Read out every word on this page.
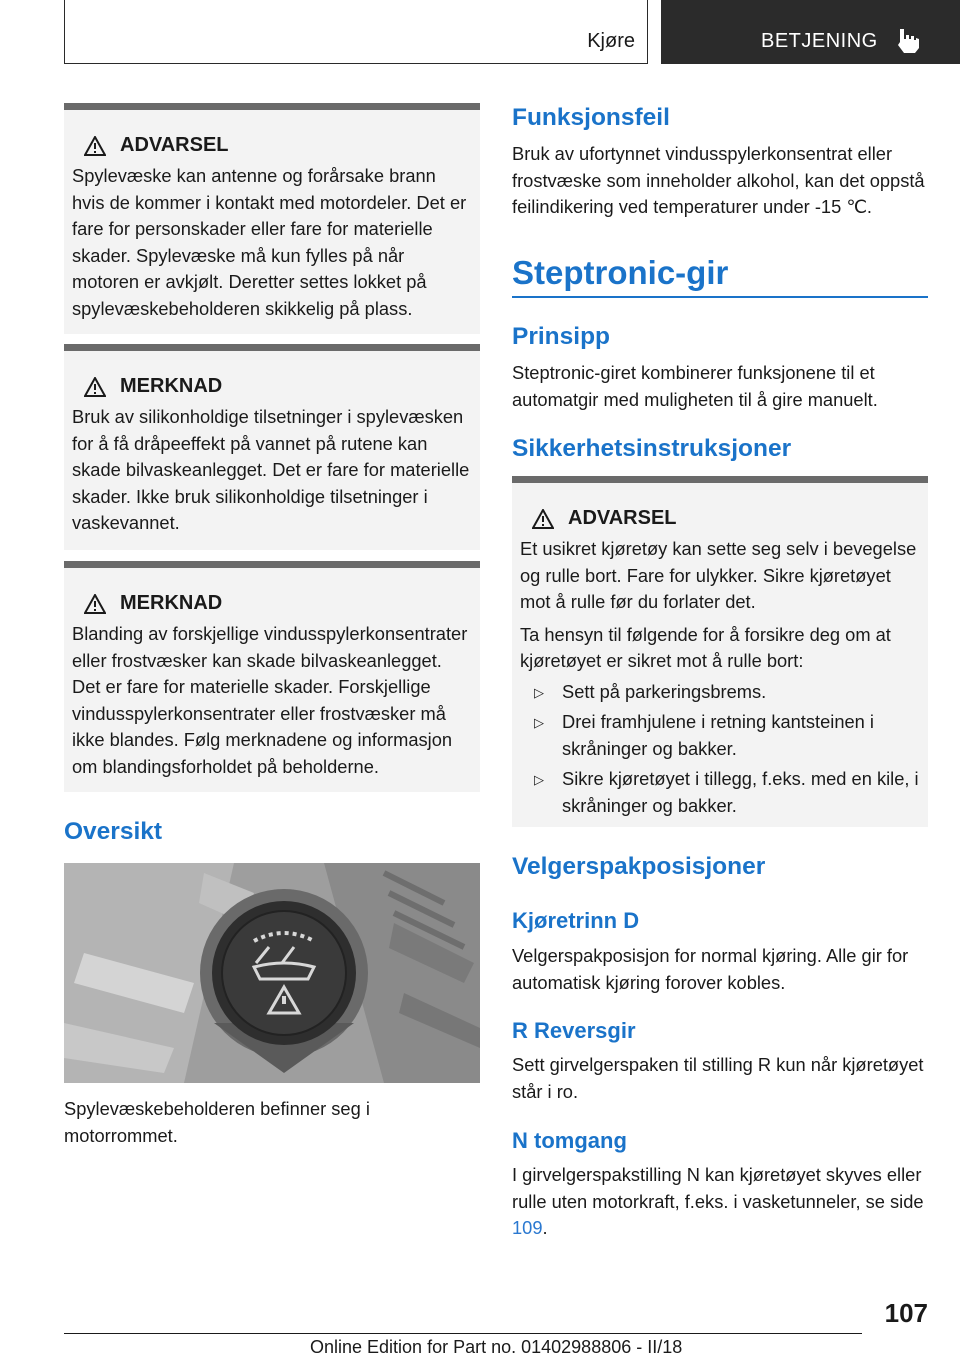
Kjøre	BETJENING
ADVARSEL

Spylevæske kan antenne og forårsake brann hvis de kommer i kontakt med motordeler. Det er fare for personskader eller fare for materielle skader. Spylevæske må kun fylles på når motoren er avkjølt. Deretter settes lokket på spylevæskebeholderen skikkelig på plass.

MERKNAD

Bruk av silikonholdige tilsetninger i spylevæsken for å få dråpeeffekt på vannet på rutene kan skade bilvaskeanlegget. Det er fare for materielle skader. Ikke bruk silikonholdige tilsetninger i vaskevannet.

MERKNAD

Blanding av forskjellige vindusspylerkonsentrater eller frostvæsker kan skade bilvaskeanlegget. Det er fare for materielle skader. Forskjellige vindusspylerkonsentrater eller frostvæsker må ikke blandes. Følg merknadene og informasjon om blandingsforholdet på beholderne.

Oversikt

Spylevæskebeholderen befinner seg i motorrommet.

Funksjonsfeil

Bruk av ufortynnet vindusspylerkonsentrat eller frostvæske som inneholder alkohol, kan det oppstå feilindikering ved temperaturer under -15 ℃.

Steptronic-gir
Prinsipp

Steptronic-giret kombinerer funksjonene til et automatgir med muligheten til å gire manuelt.

Sikkerhetsinstruksjoner
ADVARSEL

Et usikret kjøretøy kan sette seg selv i bevegelse og rulle bort. Fare for ulykker. Sikre kjøretøyet mot å rulle før du forlater det.

Ta hensyn til følgende for å forsikre deg om at kjøretøyet er sikret mot å rulle bort:

▷ Sett på parkeringsbrems.
▷ Drei framhjulene i retning kantsteinen i skråninger og bakker.
▷ Sikre kjøretøyet i tillegg, f.eks. med en kile, i skråninger og bakker.
Velgerspakposisjoner
Kjøretrinn D

Velgerspakposisjon for normal kjøring. Alle gir for automatisk kjøring forover kobles.

R Reversgir

Sett girvelgerspaken til stilling R kun når kjøretøyet står i ro.

N tomgang

I girvelgerspakstilling N kan kjøretøyet skyves eller rulle uten motorkraft, f.eks. i vasketunneler, se side 109.

107
Online Edition for Part no. 01402988806 - II/18
